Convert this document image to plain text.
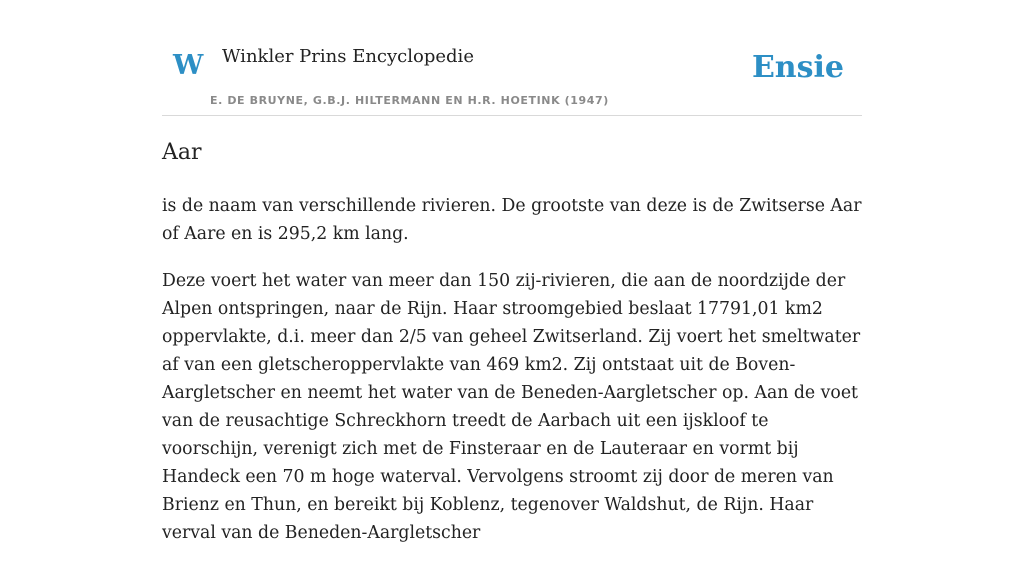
W Winkler Prins Encyclopedie
E. DE BRUYNE, G.B.J. HILTERMANN EN H.R. HOETINK (1947)
Ensie
Aar

is de naam van verschillende rivieren. De grootste van deze is de Zwitserse Aar of Aare en is 295,2 km lang.

Deze voert het water van meer dan 150 zij-rivieren, die aan de noordzijde der Alpen ontspringen, naar de Rijn. Haar stroomgebied beslaat 17791,01 km2 oppervlakte, d.i. meer dan 2/5 van geheel Zwitserland. Zij voert het smeltwater af van een gletscheroppervlakte van 469 km2. Zij ontstaat uit de Boven-Aargletscher en neemt het water van de Beneden-Aargletscher op. Aan de voet van de reusachtige Schreckhorn treedt de Aarbach uit een ijskloof te voorschijn, verenigt zich met de Finsteraar en de Lauteraar en vormt bij Handeck een 70 m hoge waterval. Vervolgens stroomt zij door de meren van Brienz en Thun, en bereikt bij Koblenz, tegenover Waldshut, de Rijn. Haar verval van de Beneden-Aargletscher
